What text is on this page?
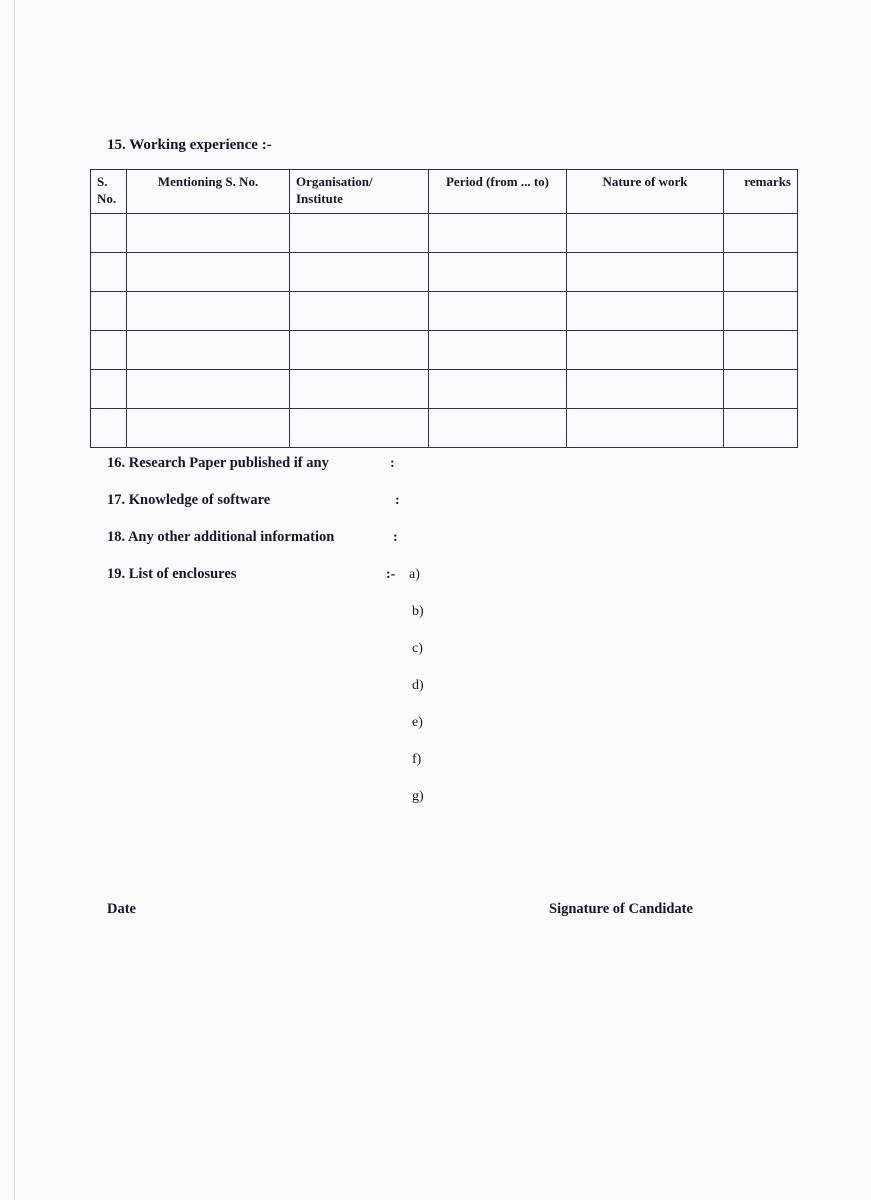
15. Working experience :-
S. No.	Mentioning S. No.	Organisation/ Institute	Period (from ... to)	Nature of work	remarks

16. Research Paper published if any	:
17. Knowledge of software	:
18. Any other additional information	:
19. List of enclosures	:- a)
b)
c)
d)
e)
f)
g)
Date	Signature of Candidate
